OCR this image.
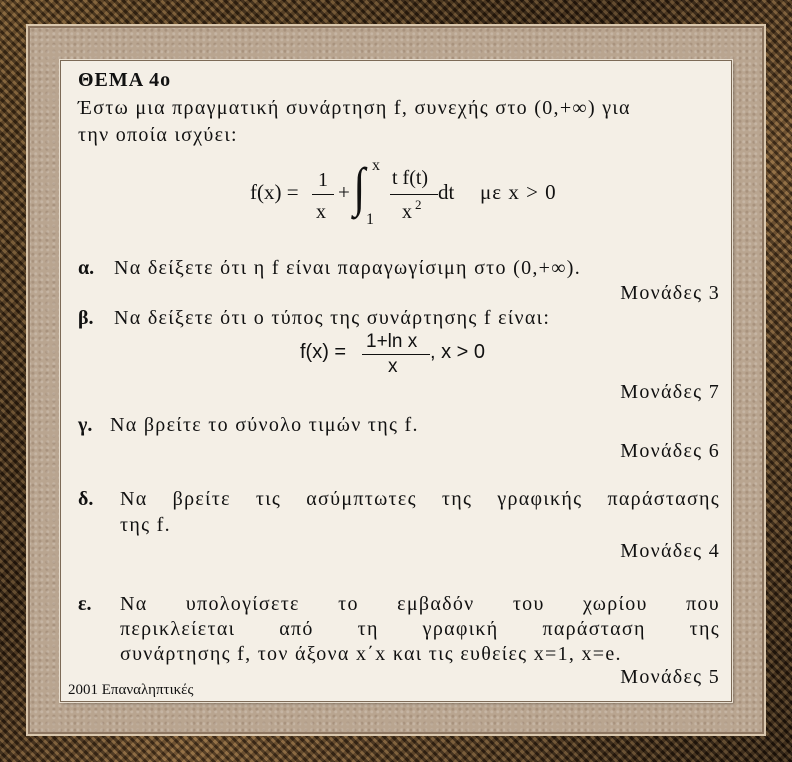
ΘΕΜΑ 4ο
Έστω μια πραγματική συνάρτηση f, συνεχής στο (0,+∞) για
την οποία ισχύει:
f(x) = 1
x
+ ∫ x
1
t f(t)
x 2
dt με x > 0
α. Να δείξετε ότι η f είναι παραγωγίσιμη στο (0,+∞).
Μονάδες 3
β. Να δείξετε ότι ο τύπος της συνάρτησης f είναι:
f(x) = 1+ln x
x
, x > 0
Μονάδες 7
γ. Να βρείτε το σύνολο τιμών της f.
Μονάδες 6
δ. Να βρείτε τις ασύμπτωτες της γραφικής παράστασης
της f.
Μονάδες 4
ε. Να υπολογίσετε το εμβαδόν του χωρίου που
περικλείεται από τη γραφική παράσταση της
συνάρτησης f, τον άξονα x΄x και τις ευθείες x=1, x=e.
Μονάδες 5
2001 Επαναληπτικές
